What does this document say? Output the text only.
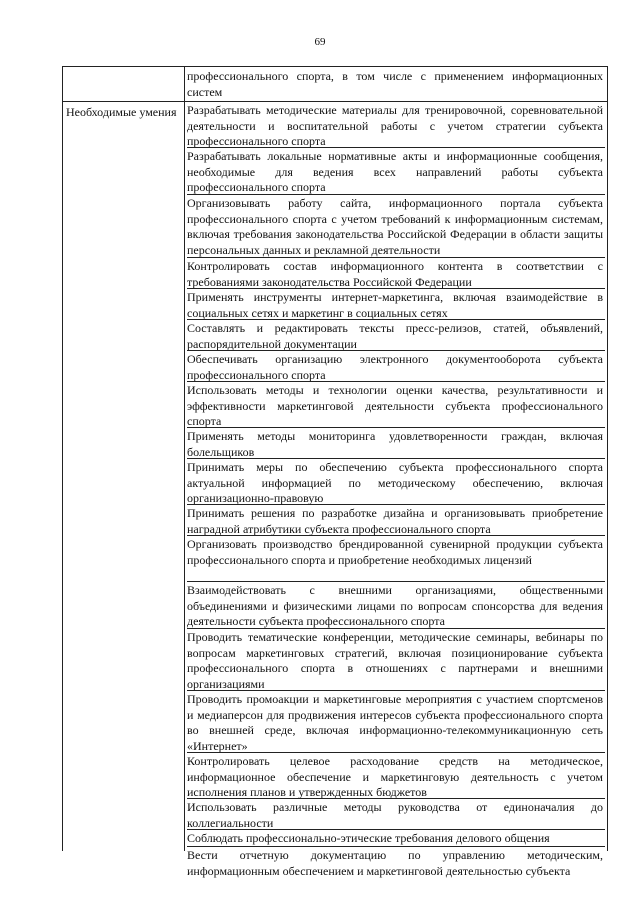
69
профессионального спорта, в том числе с применением информационных систем
Необходимые умения Разрабатывать методические материалы для тренировочной, соревновательной деятельности и воспитательной работы с учетом стратегии субъекта профессионального спорта
Разрабатывать локальные нормативные акты и информационные сообщения, необходимые для ведения всех направлений работы субъекта профессионального спорта
Организовывать работу сайта, информационного портала субъекта профессионального спорта с учетом требований к информационным системам, включая требования законодательства Российской Федерации в области защиты персональных данных и рекламной деятельности
Контролировать состав информационного контента в соответствии с требованиями законодательства Российской Федерации
Применять инструменты интернет-маркетинга, включая взаимодействие в социальных сетях и маркетинг в социальных сетях
Составлять и редактировать тексты пресс-релизов, статей, объявлений, распорядительной документации
Обеспечивать организацию электронного документооборота субъекта профессионального спорта
Использовать методы и технологии оценки качества, результативности и эффективности маркетинговой деятельности субъекта профессионального спорта
Применять методы мониторинга удовлетворенности граждан, включая болельщиков
Принимать меры по обеспечению субъекта профессионального спорта актуальной информацией по методическому обеспечению, включая организационно-правовую
Принимать решения по разработке дизайна и организовывать приобретение наградной атрибутики субъекта профессионального спорта
Организовать производство брендированной сувенирной продукции субъекта профессионального спорта и приобретение необходимых лицензий
Взаимодействовать с внешними организациями, общественными объединениями и физическими лицами по вопросам спонсорства для ведения деятельности субъекта профессионального спорта
Проводить тематические конференции, методические семинары, вебинары по вопросам маркетинговых стратегий, включая позиционирование субъекта профессионального спорта в отношениях с партнерами и внешними организациями
Проводить промоакции и маркетинговые мероприятия с участием спортсменов и медиаперсон для продвижения интересов субъекта профессионального спорта во внешней среде, включая информационно-телекоммуникационную сеть «Интернет»
Контролировать целевое расходование средств на методическое, информационное обеспечение и маркетинговую деятельность с учетом исполнения планов и утвержденных бюджетов
Использовать различные методы руководства от единоначалия до коллегиальности
Соблюдать профессионально-этические требования делового общения
Вести отчетную документацию по управлению методическим, информационным обеспечением и маркетинговой деятельностью субъекта
